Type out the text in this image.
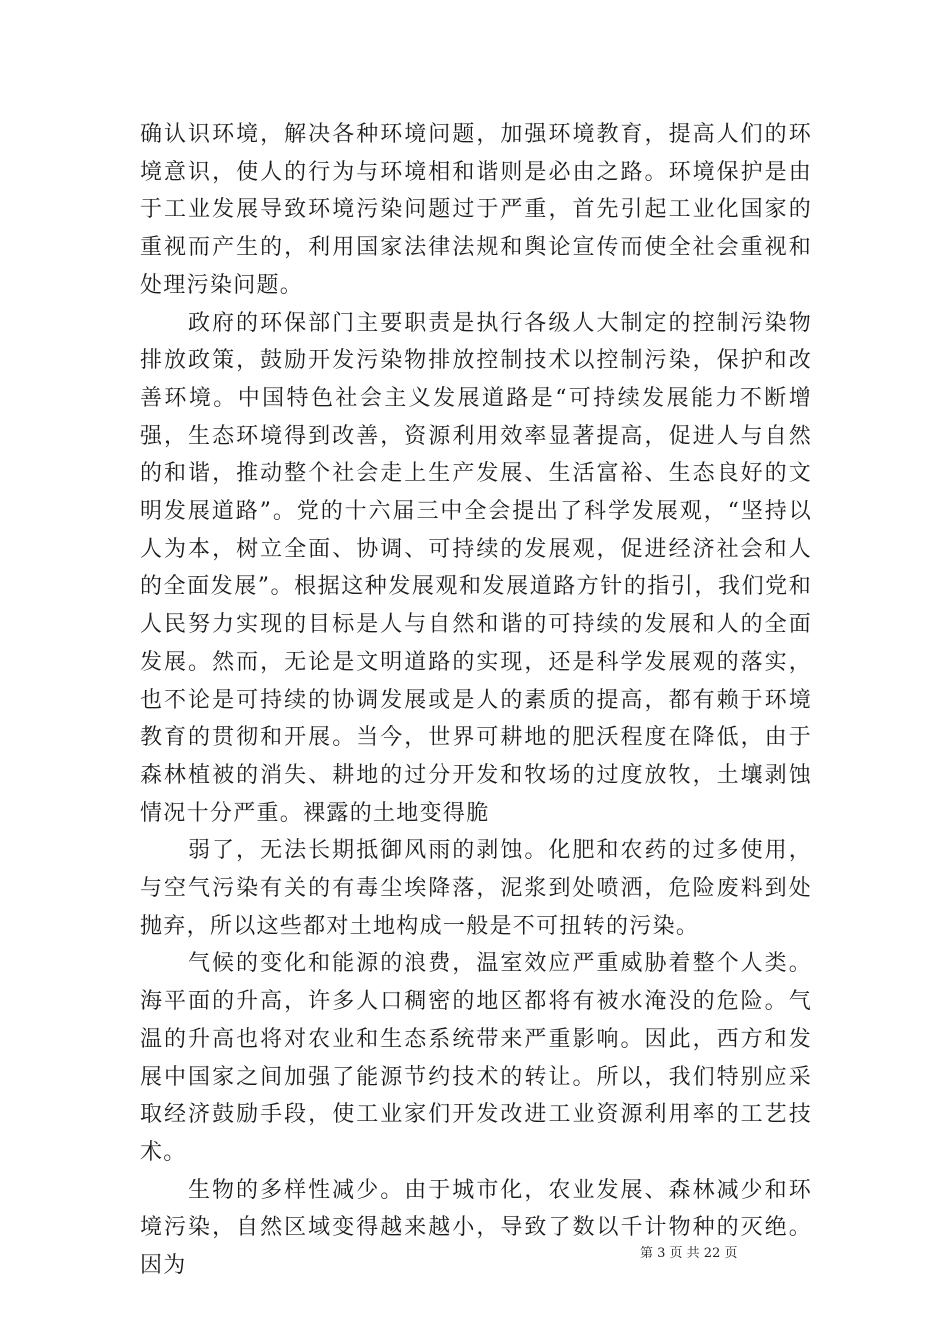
确认识环境，解决各种环境问题，加强环境教育，提高人们的环境意识，使人的行为与环境相和谐则是必由之路。环境保护是由于工业发展导致环境污染问题过于严重，首先引起工业化国家的重视而产生的，利用国家法律法规和舆论宣传而使全社会重视和处理污染问题。

政府的环保部门主要职责是执行各级人大制定的控制污染物排放政策，鼓励开发污染物排放控制技术以控制污染，保护和改善环境。中国特色社会主义发展道路是“可持续发展能力不断增强，生态环境得到改善，资源利用效率显著提高，促进人与自然的和谐，推动整个社会走上生产发展、生活富裕、生态良好的文明发展道路”。党的十六届三中全会提出了科学发展观，“坚持以人为本，树立全面、协调、可持续的发展观，促进经济社会和人的全面发展”。根据这种发展观和发展道路方针的指引，我们党和人民努力实现的目标是人与自然和谐的可持续的发展和人的全面发展。然而，无论是文明道路的实现，还是科学发展观的落实，也不论是可持续的协调发展或是人的素质的提高，都有赖于环境教育的贯彻和开展。当今，世界可耕地的肥沃程度在降低，由于森林植被的消失、耕地的过分开发和牧场的过度放牧，土壤剥蚀情况十分严重。裸露的土地变得脆

弱了，无法长期抵御风雨的剥蚀。化肥和农药的过多使用，与空气污染有关的有毒尘埃降落，泥浆到处喷洒，危险废料到处抛弃，所以这些都对土地构成一般是不可扭转的污染。

气候的变化和能源的浪费，温室效应严重威胁着整个人类。海平面的升高，许多人口稠密的地区都将有被水淹没的危险。气温的升高也将对农业和生态系统带来严重影响。因此，西方和发展中国家之间加强了能源节约技术的转让。所以，我们特别应采取经济鼓励手段，使工业家们开发改进工业资源利用率的工艺技术。

生物的多样性减少。由于城市化，农业发展、森林减少和环境污染，自然区域变得越来越小，导致了数以千计物种的灭绝。因为	第 3 页 共 22 页
